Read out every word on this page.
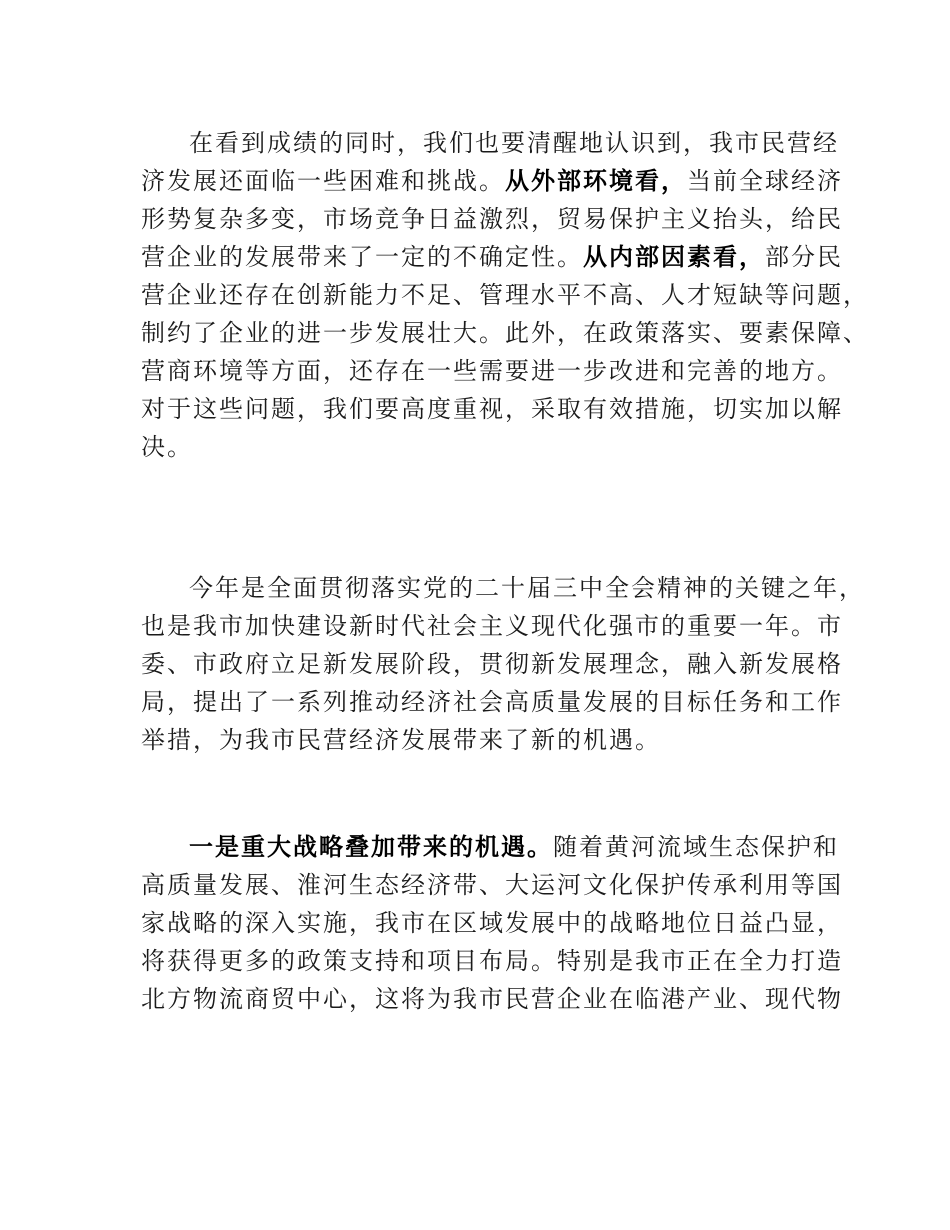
在看到成绩的同时，我们也要清醒地认识到，我市民营经
济发展还面临一些困难和挑战。从外部环境看，当前全球经济
形势复杂多变，市场竞争日益激烈，贸易保护主义抬头，给民
营企业的发展带来了一定的不确定性。从内部因素看，部分民
营企业还存在创新能力不足、管理水平不高、人才短缺等问题，
制约了企业的进一步发展壮大。此外，在政策落实、要素保障、
营商环境等方面，还存在一些需要进一步改进和完善的地方。
对于这些问题，我们要高度重视，采取有效措施，切实加以解
决。
今年是全面贯彻落实党的二十届三中全会精神的关键之年，
也是我市加快建设新时代社会主义现代化强市的重要一年。市
委、市政府立足新发展阶段，贯彻新发展理念，融入新发展格
局，提出了一系列推动经济社会高质量发展的目标任务和工作
举措，为我市民营经济发展带来了新的机遇。
一是重大战略叠加带来的机遇。随着黄河流域生态保护和
高质量发展、淮河生态经济带、大运河文化保护传承利用等国
家战略的深入实施，我市在区域发展中的战略地位日益凸显，
将获得更多的政策支持和项目布局。特别是我市正在全力打造
北方物流商贸中心，这将为我市民营企业在临港产业、现代物
